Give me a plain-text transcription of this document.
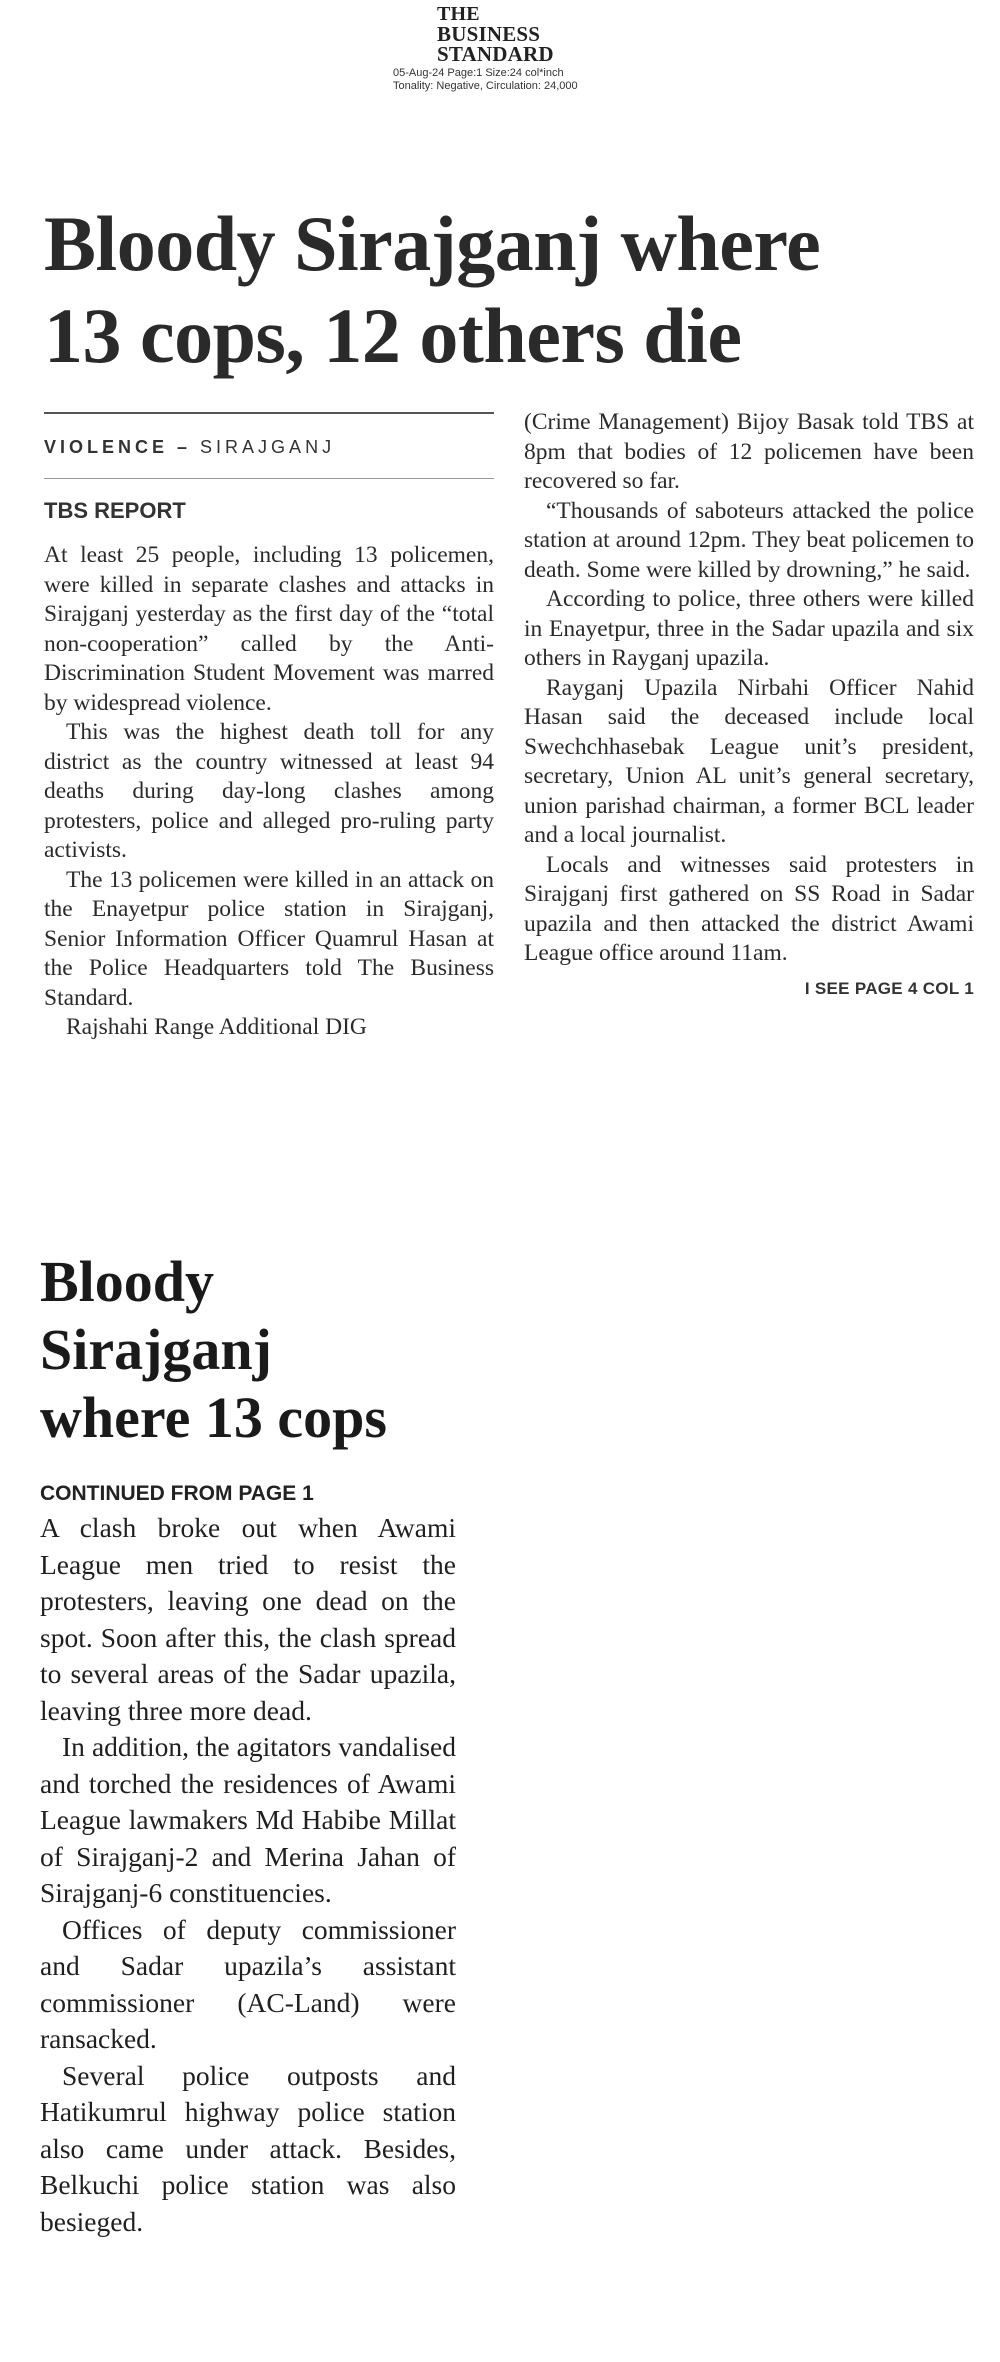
THE
BUSINESS
STANDARD
05-Aug-24 Page:1 Size:24 col*inch
Tonality: Negative, Circulation: 24,000
Bloody Sirajganj where
13 cops, 12 others die
VIOLENCE – SIRAJGANJ
TBS REPORT

At least 25 people, including 13 policemen, were killed in separate clashes and attacks in Sirajganj yesterday as the first day of the “total non-cooperation” called by the Anti-Discrimination Student Movement was marred by widespread violence.

This was the highest death toll for any district as the country witnessed at least 94 deaths during day-long clashes among protesters, police and alleged pro-ruling party activists.

The 13 policemen were killed in an attack on the Enayetpur police station in Sirajganj, Senior Information Officer Quamrul Hasan at the Police Headquarters told The Business Standard.

Rajshahi Range Additional DIG

(Crime Management) Bijoy Basak told TBS at 8pm that bodies of 12 policemen have been recovered so far.

“Thousands of saboteurs attacked the police station at around 12pm. They beat policemen to death. Some were killed by drowning,” he said.

According to police, three others were killed in Enayetpur, three in the Sadar upazila and six others in Rayganj upazila.

Rayganj Upazila Nirbahi Officer Nahid Hasan said the deceased include local Swechchhasebak League unit’s president, secretary, Union AL unit’s general secretary, union parishad chairman, a former BCL leader and a local journalist.

Locals and witnesses said protesters in Sirajganj first gathered on SS Road in Sadar upazila and then attacked the district Awami League office around 11am.
I SEE PAGE 4 COL 1

Bloody
Sirajganj
where 13 cops
CONTINUED FROM PAGE 1

A clash broke out when Awami League men tried to resist the protesters, leaving one dead on the spot. Soon after this, the clash spread to several areas of the Sadar upazila, leaving three more dead.

In addition, the agitators vandalised and torched the residences of Awami League lawmakers Md Habibe Millat of Sirajganj-2 and Merina Jahan of Sirajganj-6 constituencies.

Offices of deputy commissioner and Sadar upazila’s assistant commissioner (AC-Land) were ransacked.

Several police outposts and Hatikumrul highway police station also came under attack. Besides, Belkuchi police station was also besieged.
